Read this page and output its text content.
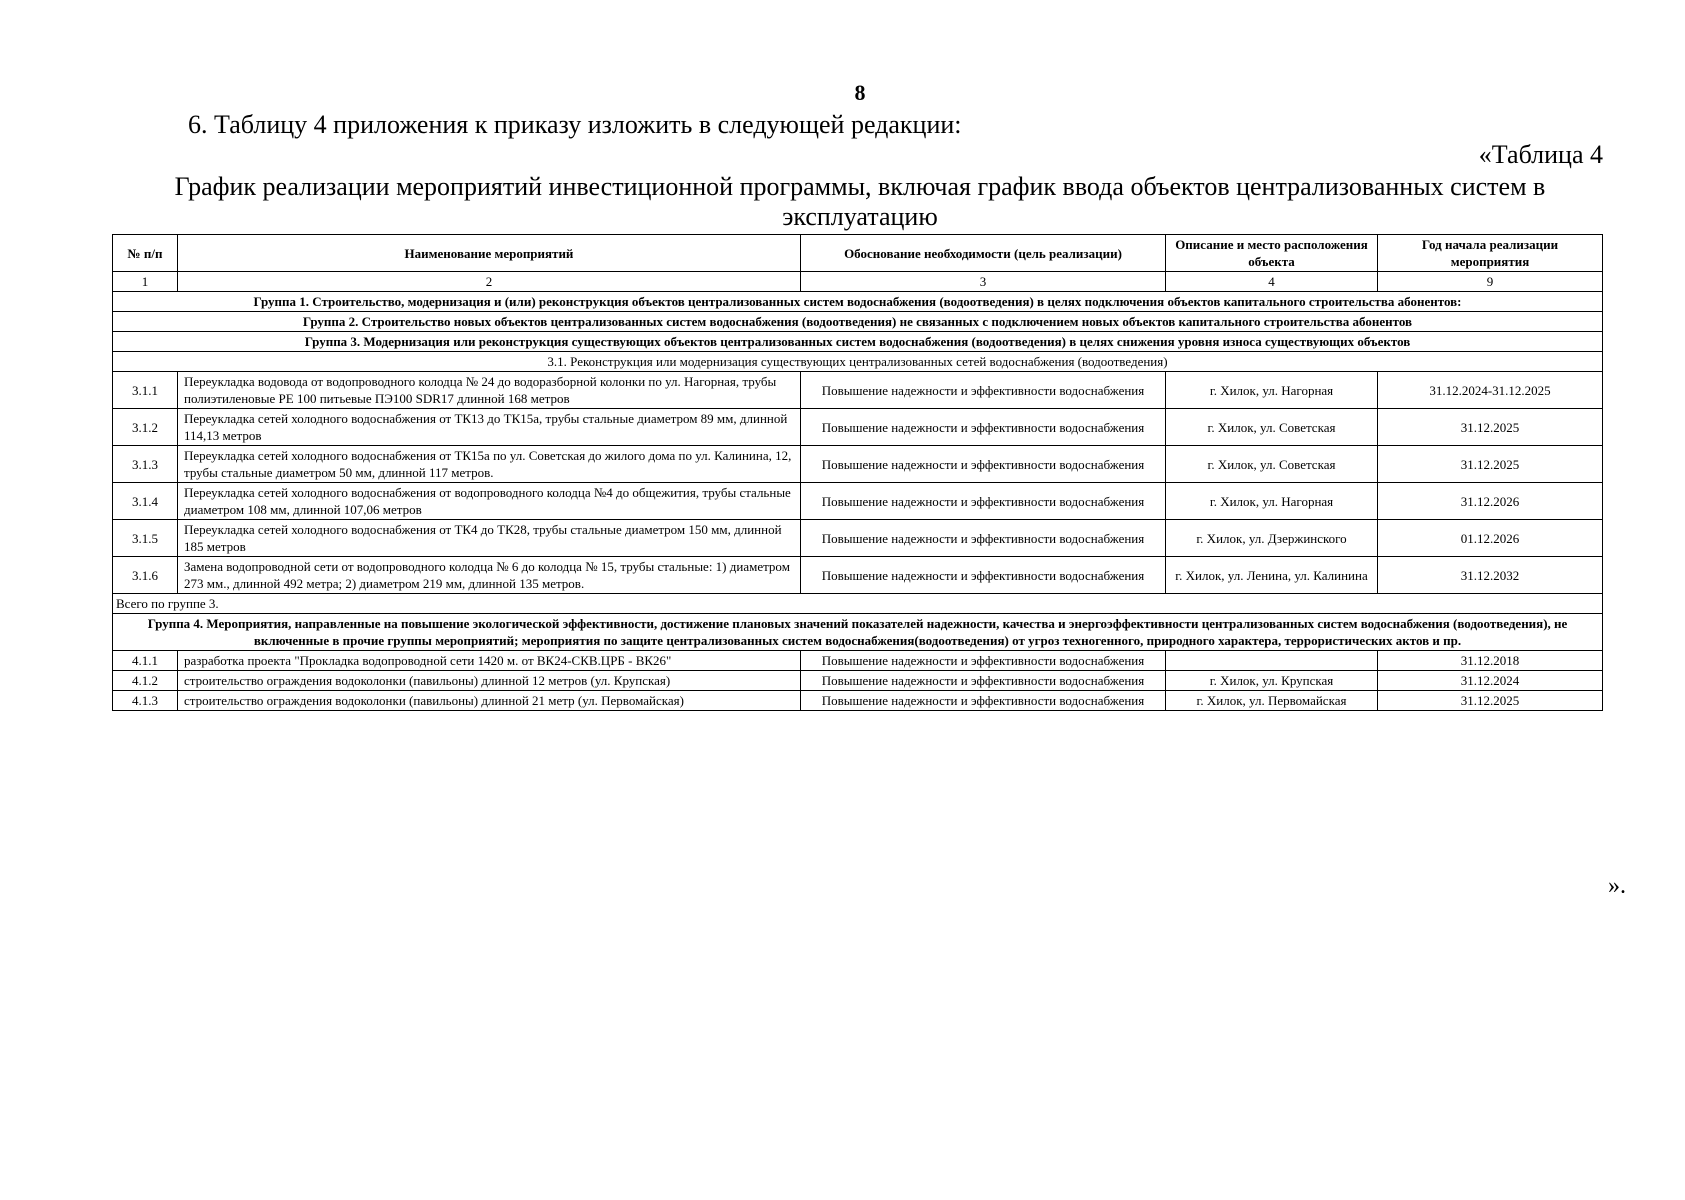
8
6. Таблицу 4 приложения к приказу изложить в следующей редакции:
«Таблица 4
График реализации мероприятий инвестиционной программы, включая график ввода объектов централизованных систем в эксплуатацию
№ п/п	Наименование мероприятий	Обоснование необходимости (цель реализации)	Описание и место расположения объекта	Год начала реализации мероприятия
1	2	3	4	9
Группа 1. Строительство, модернизация и (или) реконструкция объектов централизованных систем водоснабжения (водоотведения) в целях подключения объектов капитального строительства абонентов:				
Группа 2. Строительство новых объектов централизованных систем водоснабжения (водоотведения) не связанных с подключением новых объектов капитального строительства абонентов				
Группа 3. Модернизация или реконструкция существующих объектов централизованных систем водоснабжения (водоотведения) в целях снижения уровня износа существующих объектов				
3.1. Реконструкция или модернизация существующих централизованных сетей водоснабжения (водоотведения)				
3.1.1	Переукладка водовода от водопроводного колодца № 24 до водоразборной колонки по ул. Нагорная, трубы полиэтиленовые PE 100 питьевые ПЭ100 SDR17 длинной 168 метров	Повышение надежности и эффективности водоснабжения	г. Хилок, ул. Нагорная	31.12.2024-31.12.2025
3.1.2	Переукладка сетей холодного водоснабжения от ТК13 до ТК15а, трубы стальные диаметром 89 мм, длинной 114,13 метров	Повышение надежности и эффективности водоснабжения	г. Хилок, ул. Советская	31.12.2025
3.1.3	Переукладка сетей холодного водоснабжения от ТК15а по ул. Советская до жилого дома по ул. Калинина, 12, трубы стальные диаметром 50 мм, длинной 117 метров.	Повышение надежности и эффективности водоснабжения	г. Хилок, ул. Советская	31.12.2025
3.1.4	Переукладка сетей холодного водоснабжения от водопроводного колодца №4 до общежития, трубы стальные диаметром 108 мм, длинной 107,06 метров	Повышение надежности и эффективности водоснабжения	г. Хилок, ул. Нагорная	31.12.2026
3.1.5	Переукладка сетей холодного водоснабжения от ТК4 до ТК28, трубы стальные диаметром 150 мм, длинной 185 метров	Повышение надежности и эффективности водоснабжения	г. Хилок, ул. Дзержинского	01.12.2026
3.1.6	Замена водопроводной сети от водопроводного колодца № 6 до колодца № 15, трубы стальные: 1) диаметром 273 мм., длинной 492 метра; 2) диаметром 219 мм, длинной 135 метров.	Повышение надежности и эффективности водоснабжения	г. Хилок, ул. Ленина, ул. Калинина	31.12.2032
Всего по группе 3.				
Группа 4. Мероприятия, направленные на повышение экологической эффективности, достижение плановых значений показателей надежности, качества и энергоэффективности централизованных систем водоснабжения (водоотведения), не включенные в прочие группы мероприятий; мероприятия по защите централизованных систем водоснабжения(водоотведения) от угроз техногенного, природного характера, террористических актов и пр.				
4.1.1	разработка проекта "Прокладка водопроводной сети 1420 м. от ВК24-СКВ.ЦРБ - ВК26"	Повышение надежности и эффективности водоснабжения		31.12.2018
4.1.2	строительство ограждения водоколонки (павильоны) длинной 12 метров (ул. Крупская)	Повышение надежности и эффективности водоснабжения	г. Хилок, ул. Крупская	31.12.2024
4.1.3	строительство ограждения водоколонки (павильоны) длинной 21 метр (ул. Первомайская)	Повышение надежности и эффективности водоснабжения	г. Хилок, ул. Первомайская	31.12.2025
».
